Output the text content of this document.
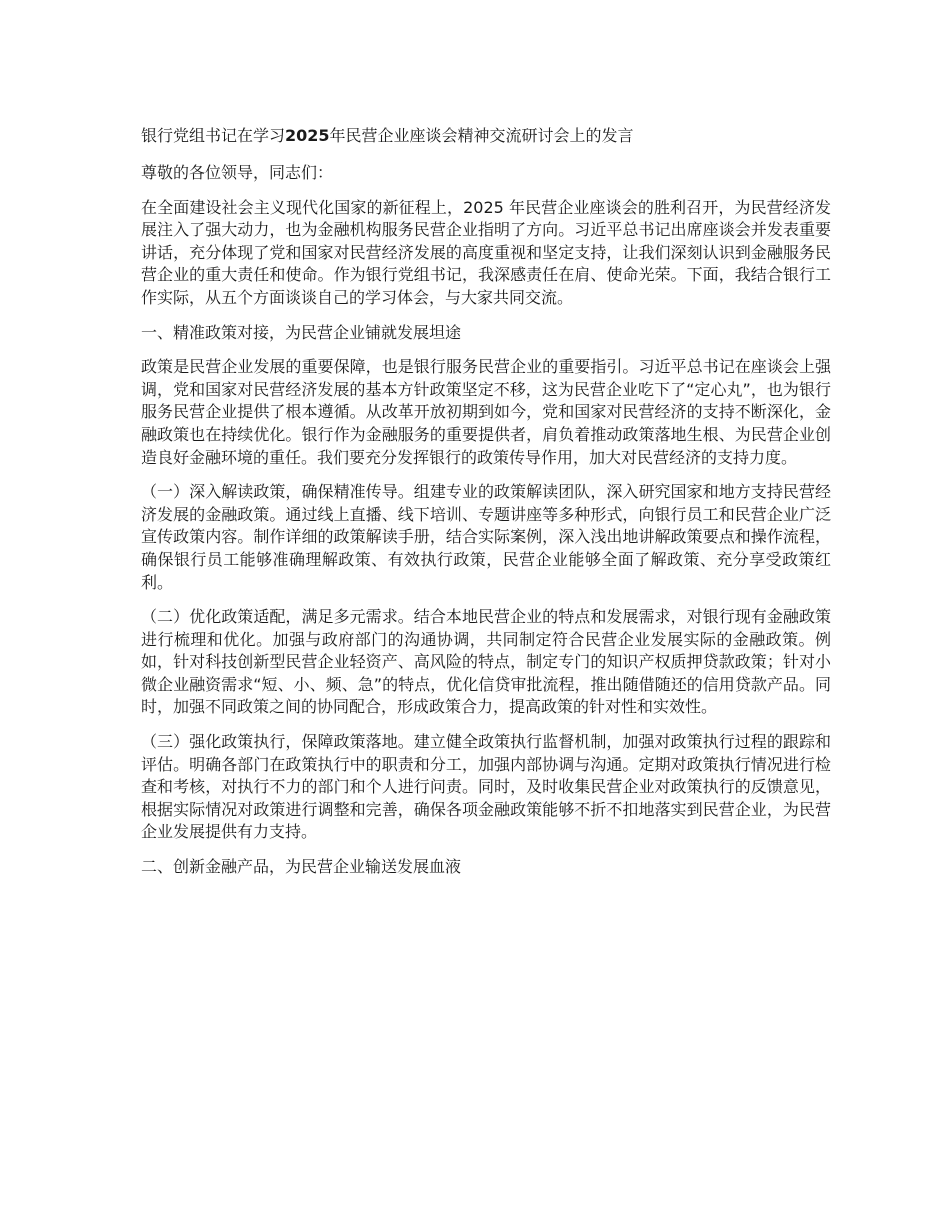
银行党组书记在学习2025年民营企业座谈会精神交流研讨会上的发言
尊敬的各位领导，同志们：
在全面建设社会主义现代化国家的新征程上，2025 年民营企业座谈会的胜利召开，为民营经济发展注入了强大动力，也为金融机构服务民营企业指明了方向。习近平总书记出席座谈会并发表重要讲话，充分体现了党和国家对民营经济发展的高度重视和坚定支持，让我们深刻认识到金融服务民营企业的重大责任和使命。作为银行党组书记，我深感责任在肩、使命光荣。下面，我结合银行工作实际，从五个方面谈谈自己的学习体会，与大家共同交流。
一、精准政策对接，为民营企业铺就发展坦途
政策是民营企业发展的重要保障，也是银行服务民营企业的重要指引。习近平总书记在座谈会上强调，党和国家对民营经济发展的基本方针政策坚定不移，这为民营企业吃下了“定心丸”，也为银行服务民营企业提供了根本遵循。从改革开放初期到如今，党和国家对民营经济的支持不断深化，金融政策也在持续优化。银行作为金融服务的重要提供者，肩负着推动政策落地生根、为民营企业创造良好金融环境的重任。我们要充分发挥银行的政策传导作用，加大对民营经济的支持力度。
（一）深入解读政策，确保精准传导。组建专业的政策解读团队，深入研究国家和地方支持民营经济发展的金融政策。通过线上直播、线下培训、专题讲座等多种形式，向银行员工和民营企业广泛宣传政策内容。制作详细的政策解读手册，结合实际案例，深入浅出地讲解政策要点和操作流程，确保银行员工能够准确理解政策、有效执行政策，民营企业能够全面了解政策、充分享受政策红利。
（二）优化政策适配，满足多元需求。结合本地民营企业的特点和发展需求，对银行现有金融政策进行梳理和优化。加强与政府部门的沟通协调，共同制定符合民营企业发展实际的金融政策。例如，针对科技创新型民营企业轻资产、高风险的特点，制定专门的知识产权质押贷款政策；针对小微企业融资需求“短、小、频、急”的特点，优化信贷审批流程，推出随借随还的信用贷款产品。同时，加强不同政策之间的协同配合，形成政策合力，提高政策的针对性和实效性。
（三）强化政策执行，保障政策落地。建立健全政策执行监督机制，加强对政策执行过程的跟踪和评估。明确各部门在政策执行中的职责和分工，加强内部协调与沟通。定期对政策执行情况进行检查和考核，对执行不力的部门和个人进行问责。同时，及时收集民营企业对政策执行的反馈意见，根据实际情况对政策进行调整和完善，确保各项金融政策能够不折不扣地落实到民营企业，为民营企业发展提供有力支持。
二、创新金融产品，为民营企业输送发展血液
